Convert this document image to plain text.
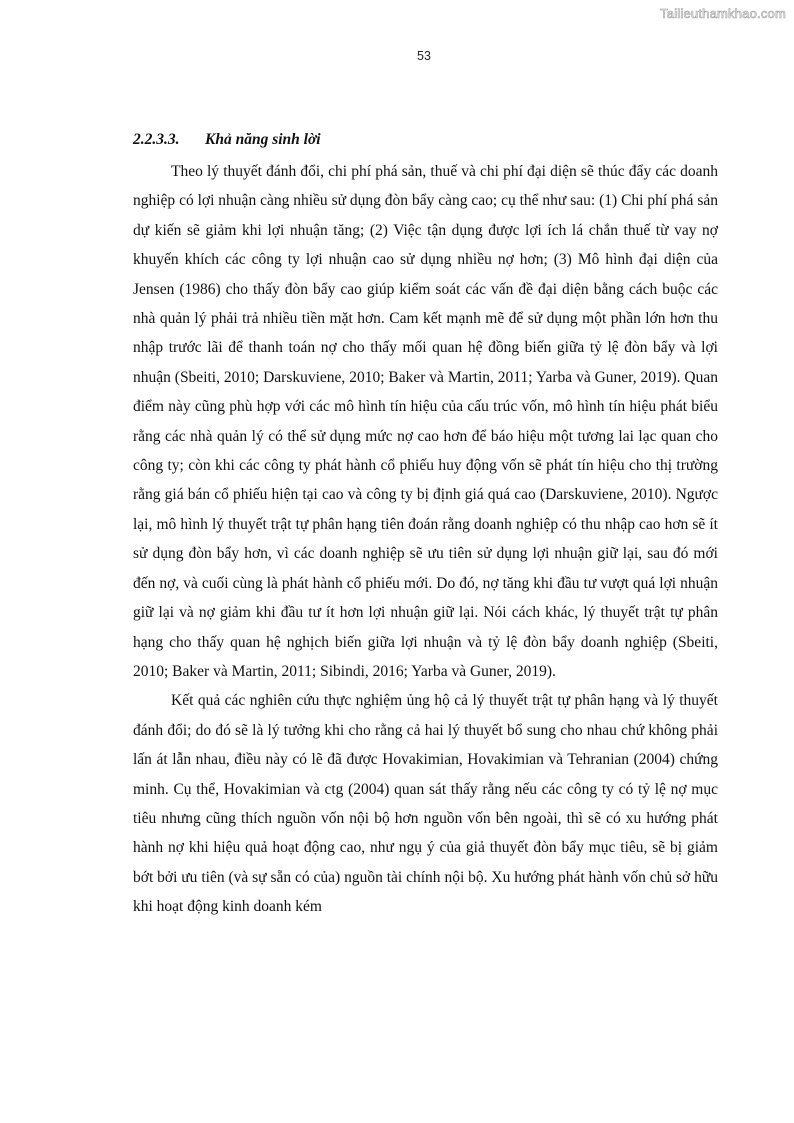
Tailieuthamkhao.com
53
2.2.3.3. Khả năng sinh lời

Theo lý thuyết đánh đổi, chi phí phá sản, thuế và chi phí đại diện sẽ thúc đẩy các doanh nghiệp có lợi nhuận càng nhiều sử dụng đòn bẩy càng cao; cụ thể như sau: (1) Chi phí phá sản dự kiến sẽ giảm khi lợi nhuận tăng; (2) Việc tận dụng được lợi ích lá chắn thuế từ vay nợ khuyến khích các công ty lợi nhuận cao sử dụng nhiều nợ hơn; (3) Mô hình đại diện của Jensen (1986) cho thấy đòn bẩy cao giúp kiểm soát các vấn đề đại diện bằng cách buộc các nhà quản lý phải trả nhiều tiền mặt hơn. Cam kết mạnh mẽ để sử dụng một phần lớn hơn thu nhập trước lãi để thanh toán nợ cho thấy mối quan hệ đồng biến giữa tỷ lệ đòn bẩy và lợi nhuận (Sbeiti, 2010; Darskuviene, 2010; Baker và Martin, 2011; Yarba và Guner, 2019). Quan điểm này cũng phù hợp với các mô hình tín hiệu của cấu trúc vốn, mô hình tín hiệu phát biểu rằng các nhà quản lý có thể sử dụng mức nợ cao hơn để báo hiệu một tương lai lạc quan cho công ty; còn khi các công ty phát hành cổ phiếu huy động vốn sẽ phát tín hiệu cho thị trường rằng giá bán cổ phiếu hiện tại cao và công ty bị định giá quá cao (Darskuviene, 2010). Ngược lại, mô hình lý thuyết trật tự phân hạng tiên đoán rằng doanh nghiệp có thu nhập cao hơn sẽ ít sử dụng đòn bẩy hơn, vì các doanh nghiệp sẽ ưu tiên sử dụng lợi nhuận giữ lại, sau đó mới đến nợ, và cuối cùng là phát hành cổ phiếu mới. Do đó, nợ tăng khi đầu tư vượt quá lợi nhuận giữ lại và nợ giảm khi đầu tư ít hơn lợi nhuận giữ lại. Nói cách khác, lý thuyết trật tự phân hạng cho thấy quan hệ nghịch biến giữa lợi nhuận và tỷ lệ đòn bẩy doanh nghiệp (Sbeiti, 2010; Baker và Martin, 2011; Sibindi, 2016; Yarba và Guner, 2019).

Kết quả các nghiên cứu thực nghiệm ủng hộ cả lý thuyết trật tự phân hạng và lý thuyết đánh đổi; do đó sẽ là lý tưởng khi cho rằng cả hai lý thuyết bổ sung cho nhau chứ không phải lấn át lẫn nhau, điều này có lẽ đã được Hovakimian, Hovakimian và Tehranian (2004) chứng minh. Cụ thể, Hovakimian và ctg (2004) quan sát thấy rằng nếu các công ty có tỷ lệ nợ mục tiêu nhưng cũng thích nguồn vốn nội bộ hơn nguồn vốn bên ngoài, thì sẽ có xu hướng phát hành nợ khi hiệu quả hoạt động cao, như ngụ ý của giả thuyết đòn bẩy mục tiêu, sẽ bị giảm bớt bởi ưu tiên (và sự sẵn có của) nguồn tài chính nội bộ. Xu hướng phát hành vốn chủ sở hữu khi hoạt động kinh doanh kém
